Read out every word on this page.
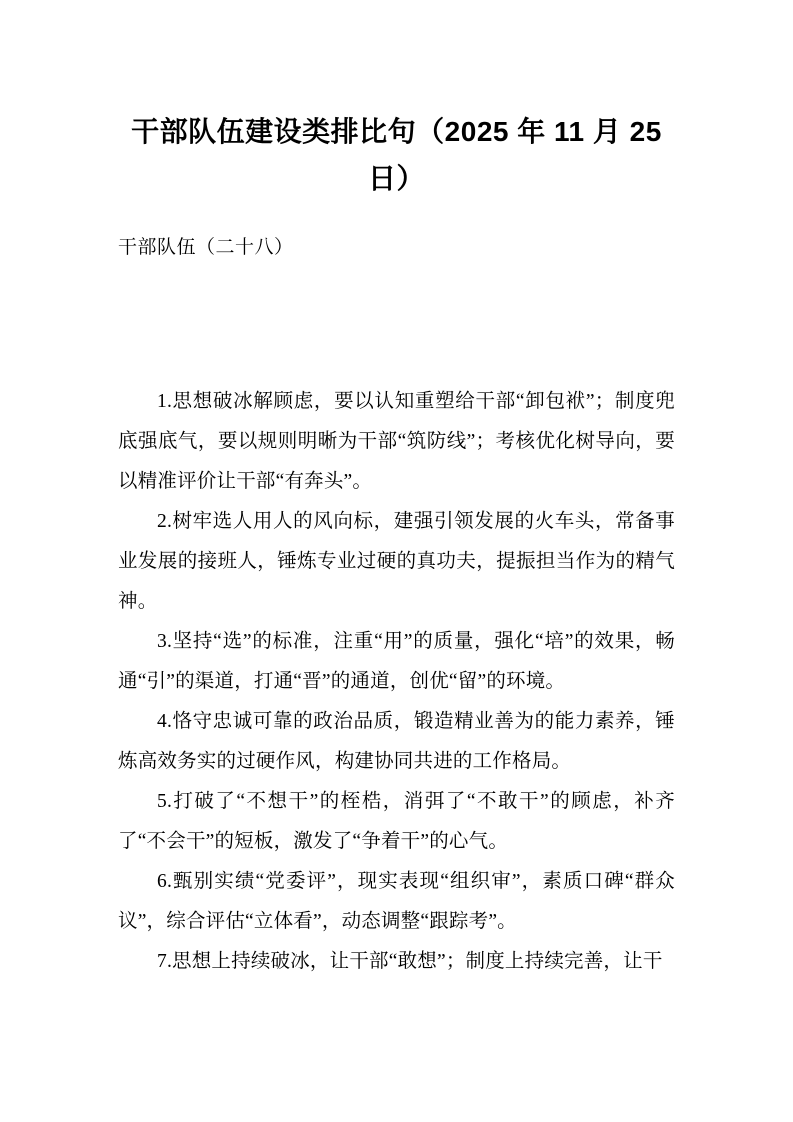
干部队伍建设类排比句（2025 年 11 月 25 日）

干部队伍（二十八）

1.思想破冰解顾虑，要以认知重塑给干部“卸包袱”；制度兜底强底气，要以规则明晰为干部“筑防线”；考核优化树导向，要以精准评价让干部“有奔头”。

2.树牢选人用人的风向标，建强引领发展的火车头，常备事业发展的接班人，锤炼专业过硬的真功夫，提振担当作为的精气神。

3.坚持“选”的标准，注重“用”的质量，强化“培”的效果，畅通“引”的渠道，打通“晋”的通道，创优“留”的环境。

4.恪守忠诚可靠的政治品质，锻造精业善为的能力素养，锤炼高效务实的过硬作风，构建协同共进的工作格局。

5.打破了“不想干”的桎梏，消弭了“不敢干”的顾虑，补齐了“不会干”的短板，激发了“争着干”的心气。

6.甄别实绩“党委评”，现实表现“组织审”，素质口碑“群众议”，综合评估“立体看”，动态调整“跟踪考”。

7.思想上持续破冰，让干部“敢想”；制度上持续完善，让干
